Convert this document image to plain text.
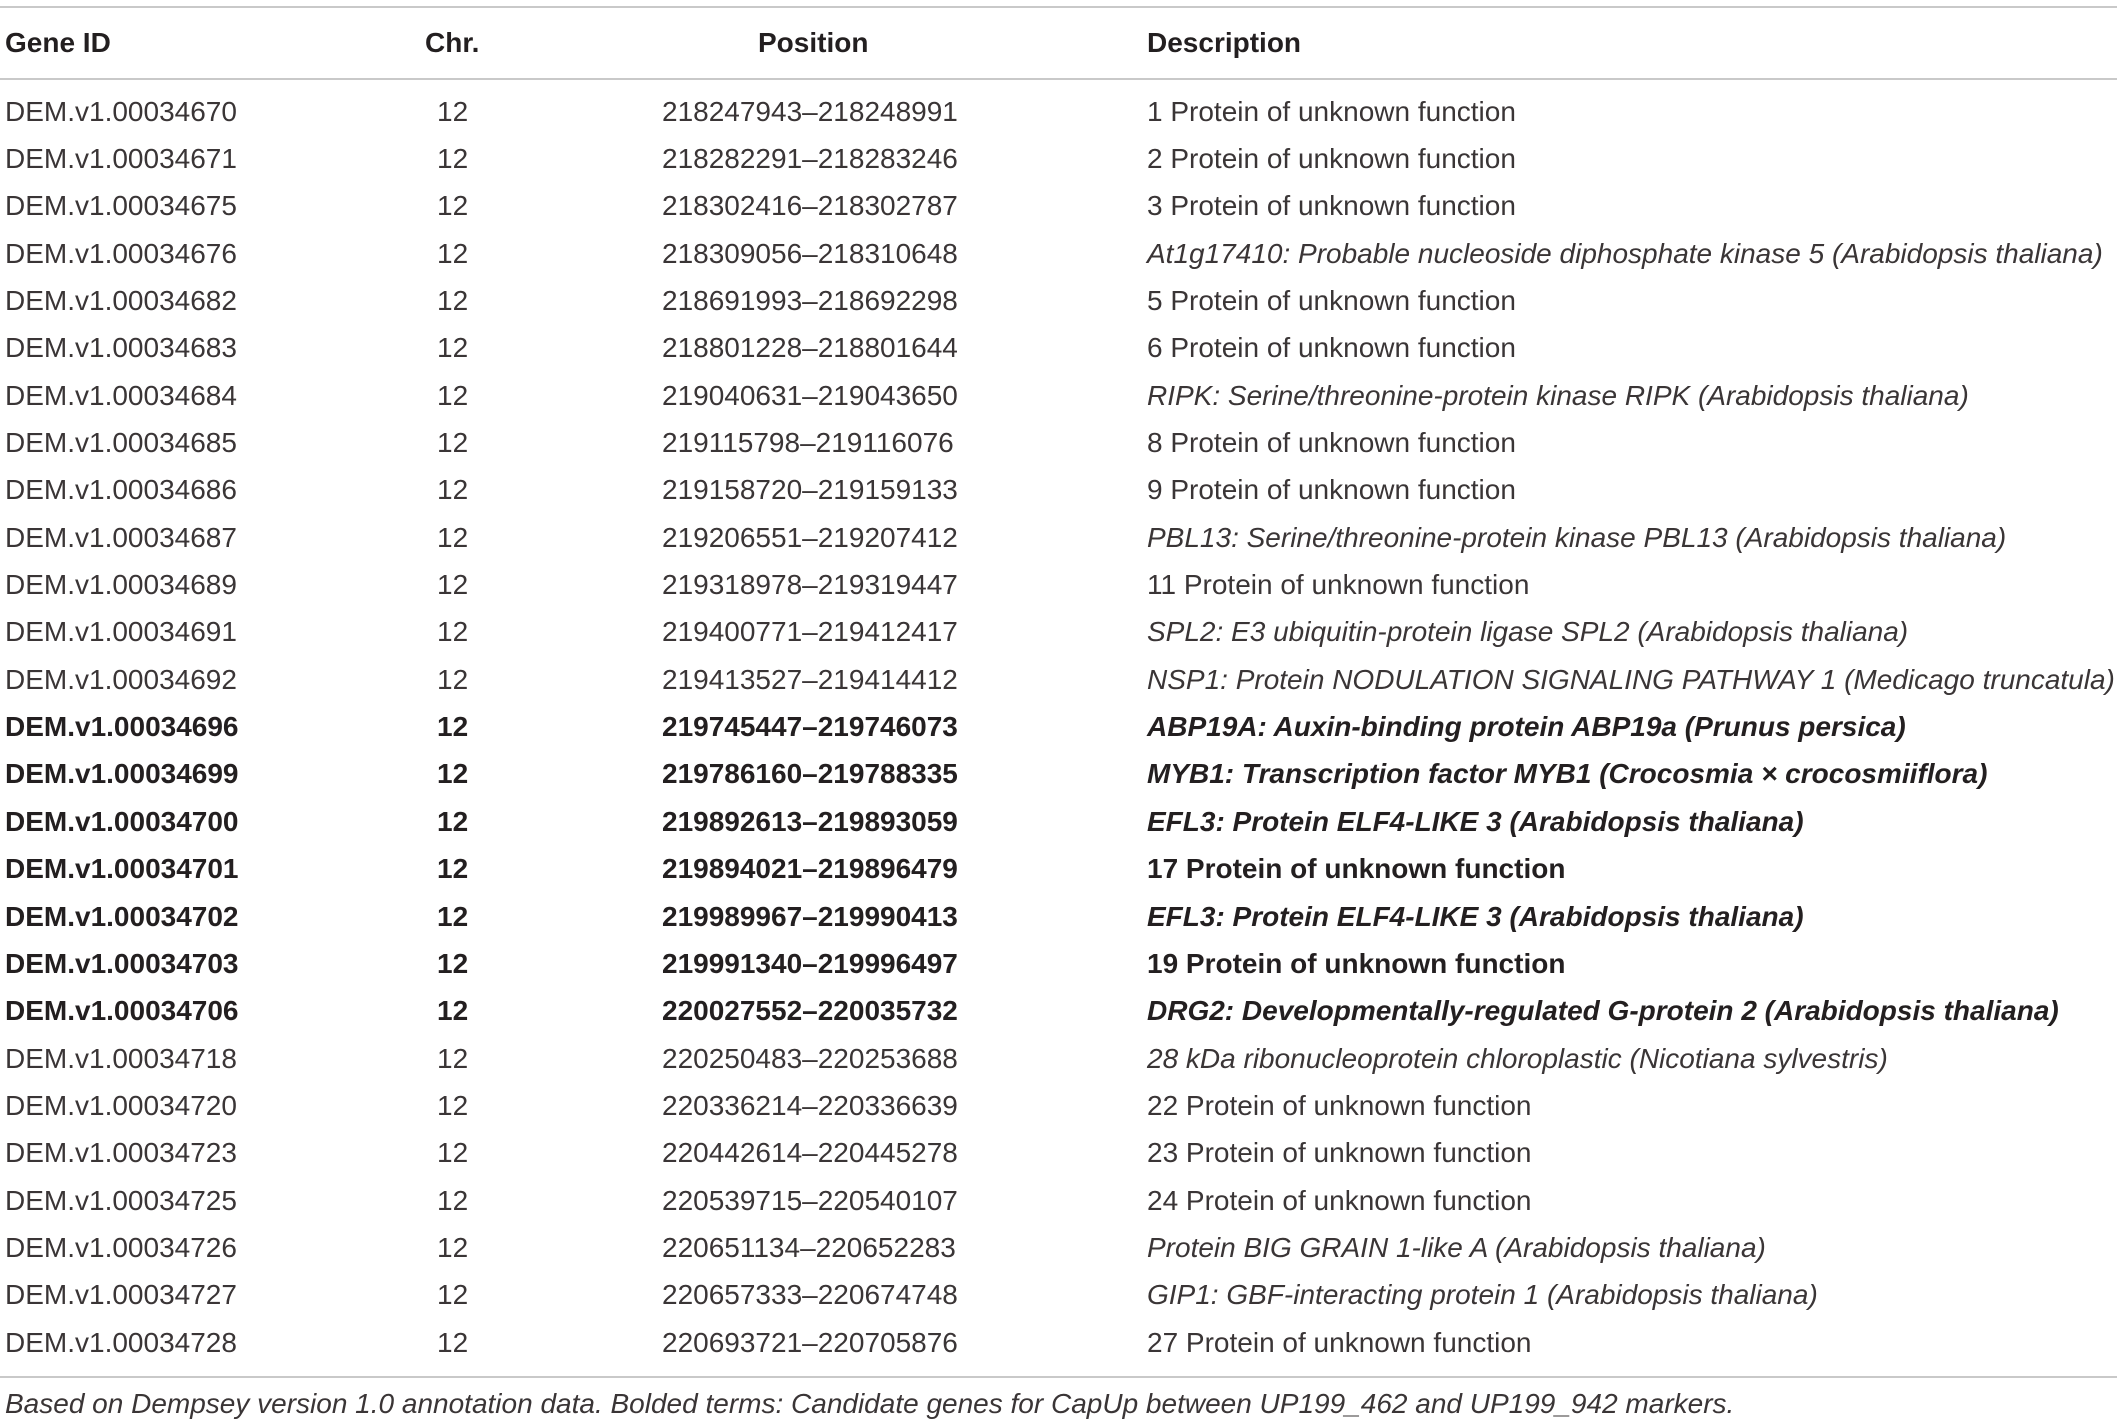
Gene ID	Chr.	Position	Description
DEM.v1.00034670	12	218247943–218248991	1 Protein of unknown function
DEM.v1.00034671	12	218282291–218283246	2 Protein of unknown function
DEM.v1.00034675	12	218302416–218302787	3 Protein of unknown function
DEM.v1.00034676	12	218309056–218310648	At1g17410: Probable nucleoside diphosphate kinase 5 (Arabidopsis thaliana)
DEM.v1.00034682	12	218691993–218692298	5 Protein of unknown function
DEM.v1.00034683	12	218801228–218801644	6 Protein of unknown function
DEM.v1.00034684	12	219040631–219043650	RIPK: Serine/threonine-protein kinase RIPK (Arabidopsis thaliana)
DEM.v1.00034685	12	219115798–219116076	8 Protein of unknown function
DEM.v1.00034686	12	219158720–219159133	9 Protein of unknown function
DEM.v1.00034687	12	219206551–219207412	PBL13: Serine/threonine-protein kinase PBL13 (Arabidopsis thaliana)
DEM.v1.00034689	12	219318978–219319447	11 Protein of unknown function
DEM.v1.00034691	12	219400771–219412417	SPL2: E3 ubiquitin-protein ligase SPL2 (Arabidopsis thaliana)
DEM.v1.00034692	12	219413527–219414412	NSP1: Protein NODULATION SIGNALING PATHWAY 1 (Medicago truncatula)
DEM.v1.00034696	12	219745447–219746073	ABP19A: Auxin-binding protein ABP19a (Prunus persica)
DEM.v1.00034699	12	219786160–219788335	MYB1: Transcription factor MYB1 (Crocosmia × crocosmiiflora)
DEM.v1.00034700	12	219892613–219893059	EFL3: Protein ELF4-LIKE 3 (Arabidopsis thaliana)
DEM.v1.00034701	12	219894021–219896479	17 Protein of unknown function
DEM.v1.00034702	12	219989967–219990413	EFL3: Protein ELF4-LIKE 3 (Arabidopsis thaliana)
DEM.v1.00034703	12	219991340–219996497	19 Protein of unknown function
DEM.v1.00034706	12	220027552–220035732	DRG2: Developmentally-regulated G-protein 2 (Arabidopsis thaliana)
DEM.v1.00034718	12	220250483–220253688	28 kDa ribonucleoprotein chloroplastic (Nicotiana sylvestris)
DEM.v1.00034720	12	220336214–220336639	22 Protein of unknown function
DEM.v1.00034723	12	220442614–220445278	23 Protein of unknown function
DEM.v1.00034725	12	220539715–220540107	24 Protein of unknown function
DEM.v1.00034726	12	220651134–220652283	Protein BIG GRAIN 1-like A (Arabidopsis thaliana)
DEM.v1.00034727	12	220657333–220674748	GIP1: GBF-interacting protein 1 (Arabidopsis thaliana)
DEM.v1.00034728	12	220693721–220705876	27 Protein of unknown function
Based on Dempsey version 1.0 annotation data. Bolded terms: Candidate genes for CapUp between UP199_462 and UP199_942 markers.
